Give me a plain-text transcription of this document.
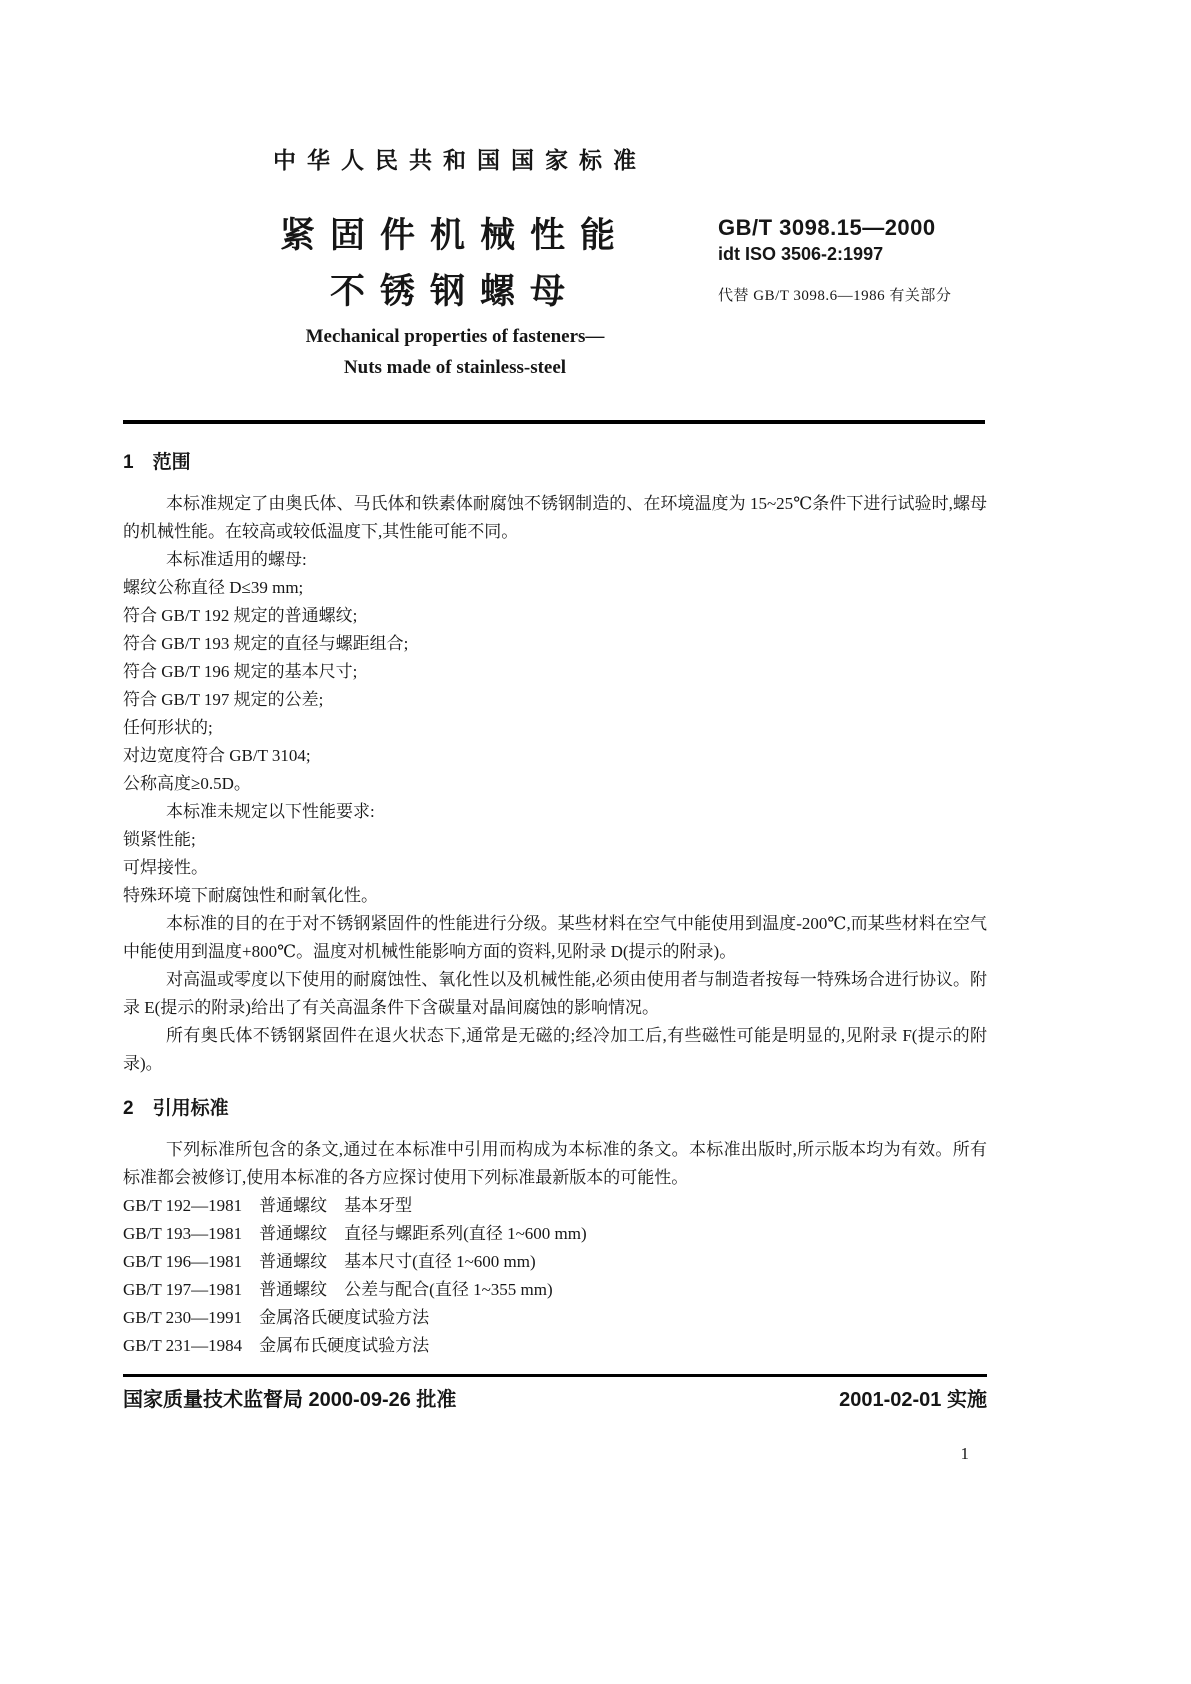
中华人民共和国国家标准
紧固件机械性能
不锈钢螺母
GB/T 3098.15—2000
idt ISO 3506-2:1997
代替 GB/T 3098.6—1986 有关部分
Mechanical properties of fasteners—
Nuts made of stainless-steel
1　范围

本标准规定了由奥氏体、马氏体和铁素体耐腐蚀不锈钢制造的、在环境温度为 15~25℃条件下进行试验时,螺母的机械性能。在较高或较低温度下,其性能可能不同。

本标准适用的螺母:

螺纹公称直径 D≤39 mm;

符合 GB/T 192 规定的普通螺纹;

符合 GB/T 193 规定的直径与螺距组合;

符合 GB/T 196 规定的基本尺寸;

符合 GB/T 197 规定的公差;

任何形状的;

对边宽度符合 GB/T 3104;

公称高度≥0.5D。

本标准未规定以下性能要求:

锁紧性能;

可焊接性。

特殊环境下耐腐蚀性和耐氧化性。

本标准的目的在于对不锈钢紧固件的性能进行分级。某些材料在空气中能使用到温度-200℃,而某些材料在空气中能使用到温度+800℃。温度对机械性能影响方面的资料,见附录 D(提示的附录)。

对高温或零度以下使用的耐腐蚀性、氧化性以及机械性能,必须由使用者与制造者按每一特殊场合进行协议。附录 E(提示的附录)给出了有关高温条件下含碳量对晶间腐蚀的影响情况。

所有奥氏体不锈钢紧固件在退火状态下,通常是无磁的;经冷加工后,有些磁性可能是明显的,见附录 F(提示的附录)。

2　引用标准

下列标准所包含的条文,通过在本标准中引用而构成为本标准的条文。本标准出版时,所示版本均为有效。所有标准都会被修订,使用本标准的各方应探讨使用下列标准最新版本的可能性。

GB/T 192—1981　普通螺纹　基本牙型

GB/T 193—1981　普通螺纹　直径与螺距系列(直径 1~600 mm)

GB/T 196—1981　普通螺纹　基本尺寸(直径 1~600 mm)

GB/T 197—1981　普通螺纹　公差与配合(直径 1~355 mm)

GB/T 230—1991　金属洛氏硬度试验方法

GB/T 231—1984　金属布氏硬度试验方法

国家质量技术监督局 2000-09-26 批准	2001-02-01 实施
1
